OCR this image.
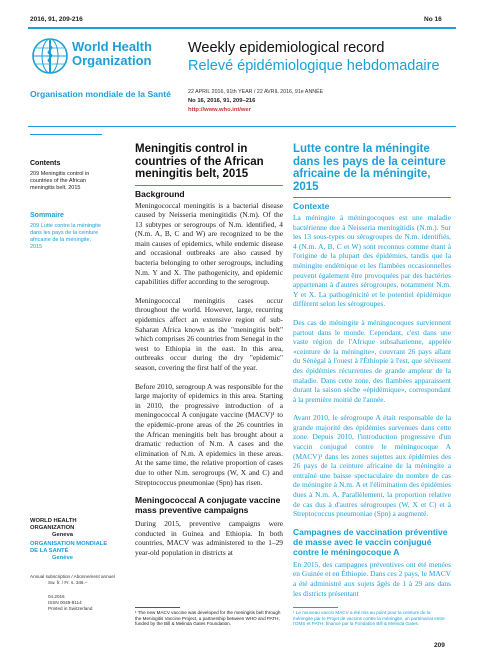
2016, 91, 209-216	No 16
World Health Organization
Organisation mondiale de la Santé
Weekly epidemiological record
Relevé épidémiologique hebdomadaire
22 APRIL 2016, 91th YEAR / 22 AVRIL 2016, 91e ANNÉE
No 16, 2016, 91, 209–216
http://www.who.int/wer
Contents
209 Meningitis control in countries of the African meningitis belt, 2015
Sommaire
209 Lutte contre la méningite dans les pays de la ceinture africaine de la méningite, 2015
WORLD HEALTH
ORGANIZATION
Geneva
ORGANISATION MONDIALE
DE LA SANTÉ
Genève
Annual subscription / Abonnement annuel
Sw. fr. / Fr. s. 346.–
04.2016
ISSN 0049-8114
Printed in Switzerland
Meningitis control in countries of the African meningitis belt, 2015
Background

Meningococcal meningitis is a bacterial disease caused by Neisseria meningitidis (N.m). Of the 13 subtypes or serogroups of N.m. identified, 4 (N.m. A, B, C and W) are recognized to be the main causes of epidemics, while endemic disease and occasional outbreaks are also caused by bacteria belonging to other serogroups, including N.m. Y and X. The pathogenicity, and epidemic capabilities differ according to the serogroup.

Meningococcal meningitis cases occur throughout the world. However, large, recurring epidemics affect an extensive region of sub-Saharan Africa known as the "meningitis belt" which comprises 26 countries from Senegal in the west to Ethiopia in the east. In this area, outbreaks occur during the dry "epidemic" season, covering the first half of the year.

Before 2010, serogroup A was responsible for the large majority of epidemics in this area. Starting in 2010, the progressive introduction of a meningococcal A conjugate vaccine (MACV)¹ to the epidemic-prone areas of the 26 countries in the African meningitis belt has brought about a dramatic reduction of N.m. A cases and the elimination of N.m. A epidemics in these areas. At the same time, the relative proportion of cases due to other N.m. serogroups (W, X and C) and Streptococcus pneumoniae (Spn) has risen.

Meningococcal A conjugate vaccine mass preventive campaigns

During 2015, preventive campaigns were conducted in Guinea and Ethiopia. In both countries, MACV was administered to the 1–29 year-old population in districts at

¹ The new MACV vaccine was developed for the meningitis belt through the Meningitis Vaccine Project, a partnership between WHO and PATH, funded by the Bill & Melinda Gates Foundation.
Lutte contre la méningite dans les pays de la ceinture africaine de la méningite, 2015
Contexte

La méningite à méningocoques est une maladie bactérienne due à Neisseria meningitidis (N.m.). Sur les 13 sous-types ou sérogroupes de N.m. identifiés, 4 (N.m. A, B, C et W) sont reconnus comme étant à l'origine de la plupart des épidémies, tandis que la méningite endémique et les flambées occasionnelles peuvent également être provoquées par des bactéries appartenant à d'autres sérogroupes, notamment N.m. Y et X. La pathogénicité et le potentiel épidémique diffèrent selon les sérogroupes.

Des cas de méningite à méningocoques surviennent partout dans le monde. Cependant, c'est dans une vaste région de l'Afrique subsaharienne, appelée «ceinture de la méningite», couvrant 26 pays allant du Sénégal à l'ouest à l'Éthiopie à l'est, que sévissent des épidémies récurrentes de grande ampleur de la maladie. Dans cette zone, des flambées apparaissent durant la saison sèche «épidémique», correspondant à la première moitié de l'année.

Avant 2010, le sérogroupe A était responsable de la grande majorité des épidémies survenues dans cette zone. Depuis 2010, l'introduction progressive d'un vaccin conjugué contre le méningocoque A (MACV)¹ dans les zones sujettes aux épidémies des 26 pays de la ceinture africaine de la méningite a entraîné une baisse spectaculaire du nombre de cas de méningite à N.m. A et l'élimination des épidémies dues à N.m. A. Parallèlement, la proportion relative de cas dus à d'autres sérogroupes (W, X et C) et à Streptococcus pneumoniae (Spn) a augmenté.

Campagnes de vaccination préventive de masse avec le vaccin conjugué contre le méningocoque A

En 2015, des campagnes préventives ont été menées en Guinée et en Éthiopie. Dans ces 2 pays, le MACV a été administré aux sujets âgés de 1 à 29 ans dans les districts présentant

¹ Le nouveau vaccin MACV a été mis au point pour la ceinture de la méningite par le Projet de vaccins contre la méningite, un partenariat entre l'OMS et PATH, financé par la Fondation Bill & Melinda Gates.
209
